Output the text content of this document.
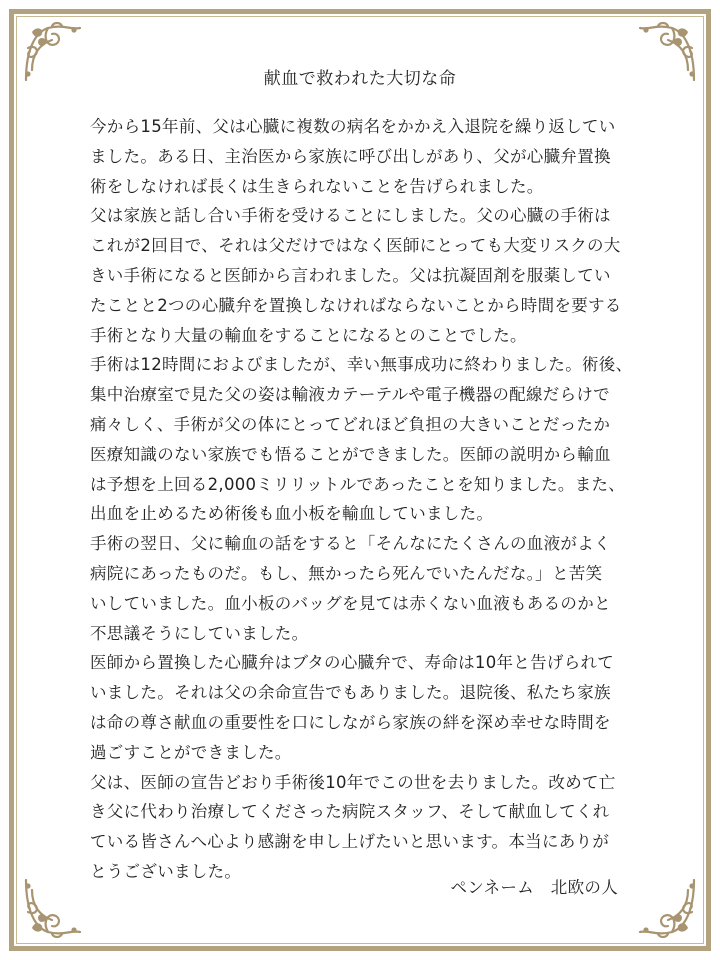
献血で救われた大切な命
今から15年前、父は心臓に複数の病名をかかえ入退院を繰り返してい
ました。ある日、主治医から家族に呼び出しがあり、父が心臓弁置換
術をしなければ長くは生きられないことを告げられました。
父は家族と話し合い手術を受けることにしました。父の心臓の手術は
これが2回目で、それは父だけではなく医師にとっても大変リスクの大
きい手術になると医師から言われました。父は抗凝固剤を服薬してい
たことと2つの心臓弁を置換しなければならないことから時間を要する
手術となり大量の輸血をすることになるとのことでした。
手術は12時間におよびましたが、幸い無事成功に終わりました。術後、
集中治療室で見た父の姿は輸液カテーテルや電子機器の配線だらけで
痛々しく、手術が父の体にとってどれほど負担の大きいことだったか
医療知識のない家族でも悟ることができました。医師の説明から輸血
は予想を上回る2,000ミリリットルであったことを知りました。また、
出血を止めるため術後も血小板を輸血していました。
手術の翌日、父に輸血の話をすると「そんなにたくさんの血液がよく
病院にあったものだ。もし、無かったら死んでいたんだな。」と苦笑
いしていました。血小板のバッグを見ては赤くない血液もあるのかと
不思議そうにしていました。
医師から置換した心臓弁はブタの心臓弁で、寿命は10年と告げられて
いました。それは父の余命宣告でもありました。退院後、私たち家族
は命の尊さ献血の重要性を口にしながら家族の絆を深め幸せな時間を
過ごすことができました。
父は、医師の宣告どおり手術後10年でこの世を去りました。改めて亡
き父に代わり治療してくださった病院スタッフ、そして献血してくれ
ている皆さんへ心より感謝を申し上げたいと思います。本当にありが
とうございました。
ペンネーム　北欧の人
